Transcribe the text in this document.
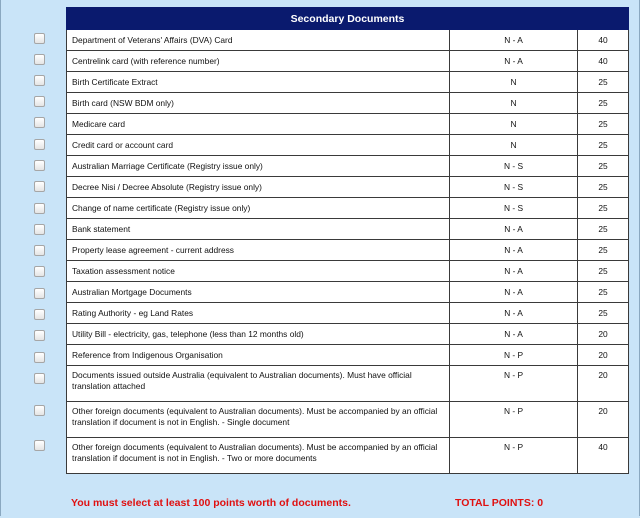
Secondary Documents		
Department of Veterans' Affairs (DVA) Card	N - A	40
Centrelink card (with reference number)	N - A	40
Birth Certificate Extract	N	25
Birth card (NSW BDM only)	N	25
Medicare card	N	25
Credit card or account card	N	25
Australian Marriage Certificate (Registry issue only)	N - S	25
Decree Nisi / Decree Absolute (Registry issue only)	N - S	25
Change of name certificate (Registry issue only)	N - S	25
Bank statement	N - A	25
Property lease agreement - current address	N - A	25
Taxation assessment notice	N - A	25
Australian Mortgage Documents	N - A	25
Rating Authority - eg Land Rates	N - A	25
Utility Bill - electricity, gas, telephone (less than 12 months old)	N - A	20
Reference from Indigenous Organisation	N - P	20
Documents issued outside Australia (equivalent to Australian documents). Must have official translation attached	N - P	20
Other foreign documents (equivalent to Australian documents). Must be accompanied by an official translation if document is not in English. - Single document	N - P	20
Other foreign documents (equivalent to Australian documents). Must be accompanied by an official translation if document is not in English. - Two or more documents	N - P	40
You must select at least 100 points worth of documents.	TOTAL POINTS: 0
